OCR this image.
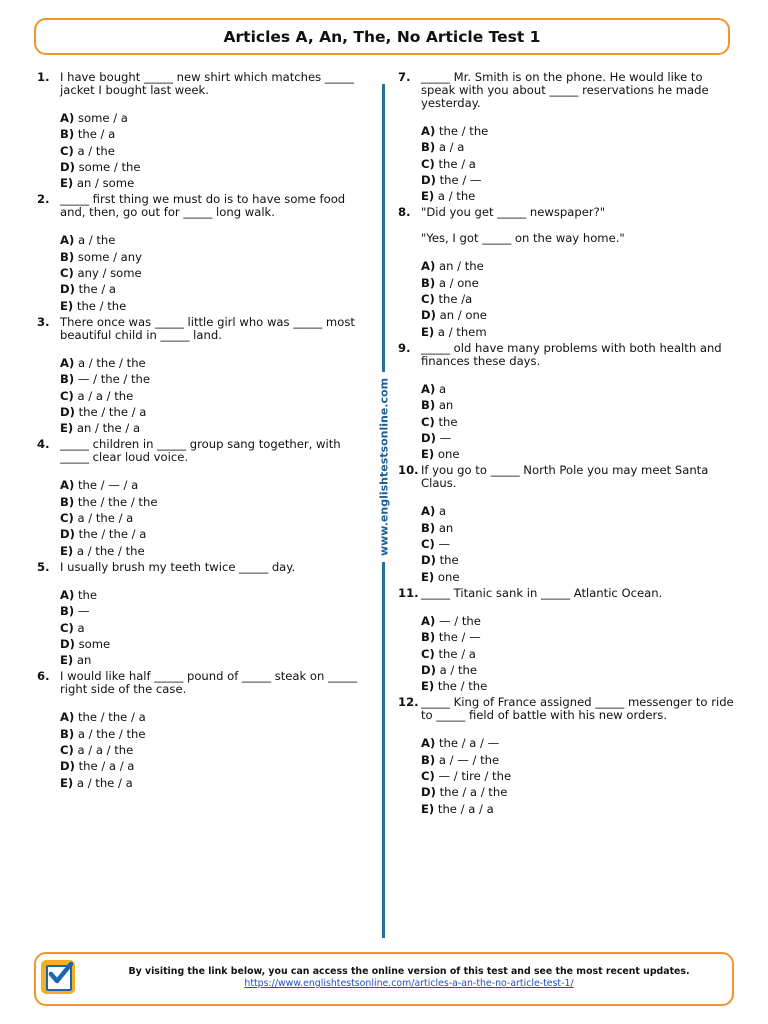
Articles A, An, The, No Article Test 1
1. I have bought _____ new shirt which matches _____ jacket I bought last week.

A) some / a
B) the / a
C) a / the
D) some / the
E) an / some
2. _____ first thing we must do is to have some food and, then, go out for _____ long walk.

A) a / the
B) some / any
C) any / some
D) the / a
E) the / the
3. There once was _____ little girl who was _____ most beautiful child in _____ land.

A) a / the / the
B) — / the / the
C) a / a / the
D) the / the / a
E) an / the / a
4. _____ children in _____ group sang together, with _____ clear loud voice.

A) the / — / a
B) the / the / the
C) a / the / a
D) the / the / a
E) a / the / the
5. I usually brush my teeth twice _____ day.

A) the
B) —
C) a
D) some
E) an
6. I would like half _____ pound of _____ steak on _____ right side of the case.

A) the / the / a
B) a / the / the
C) a / a / the
D) the / a / a
E) a / the / a
7. _____ Mr. Smith is on the phone. He would like to speak with you about _____ reservations he made yesterday.

A) the / the
B) a / a
C) the / a
D) the / —
E) a / the
8. "Did you get _____ newspaper?"

"Yes, I got _____ on the way home."

A) an / the
B) a / one
C) the /a
D) an / one
E) a / them
9. _____ old have many problems with both health and finances these days.

A) a
B) an
C) the
D) —
E) one
10. If you go to _____ North Pole you may meet Santa Claus.

A) a
B) an
C) —
D) the
E) one
11. _____ Titanic sank in _____ Atlantic Ocean.

A) — / the
B) the / —
C) the / a
D) a / the
E) the / the
12. _____ King of France assigned _____ messenger to ride to _____ field of battle with his new orders.

A) the / a / —
B) a / — / the
C) — / tire / the
D) the / a / the
E) the / a / a
www.englishtestsonline.com
By visiting the link below, you can access the online version of this test and see the most recent updates.
https://www.englishtestsonline.com/articles-a-an-the-no-article-test-1/
